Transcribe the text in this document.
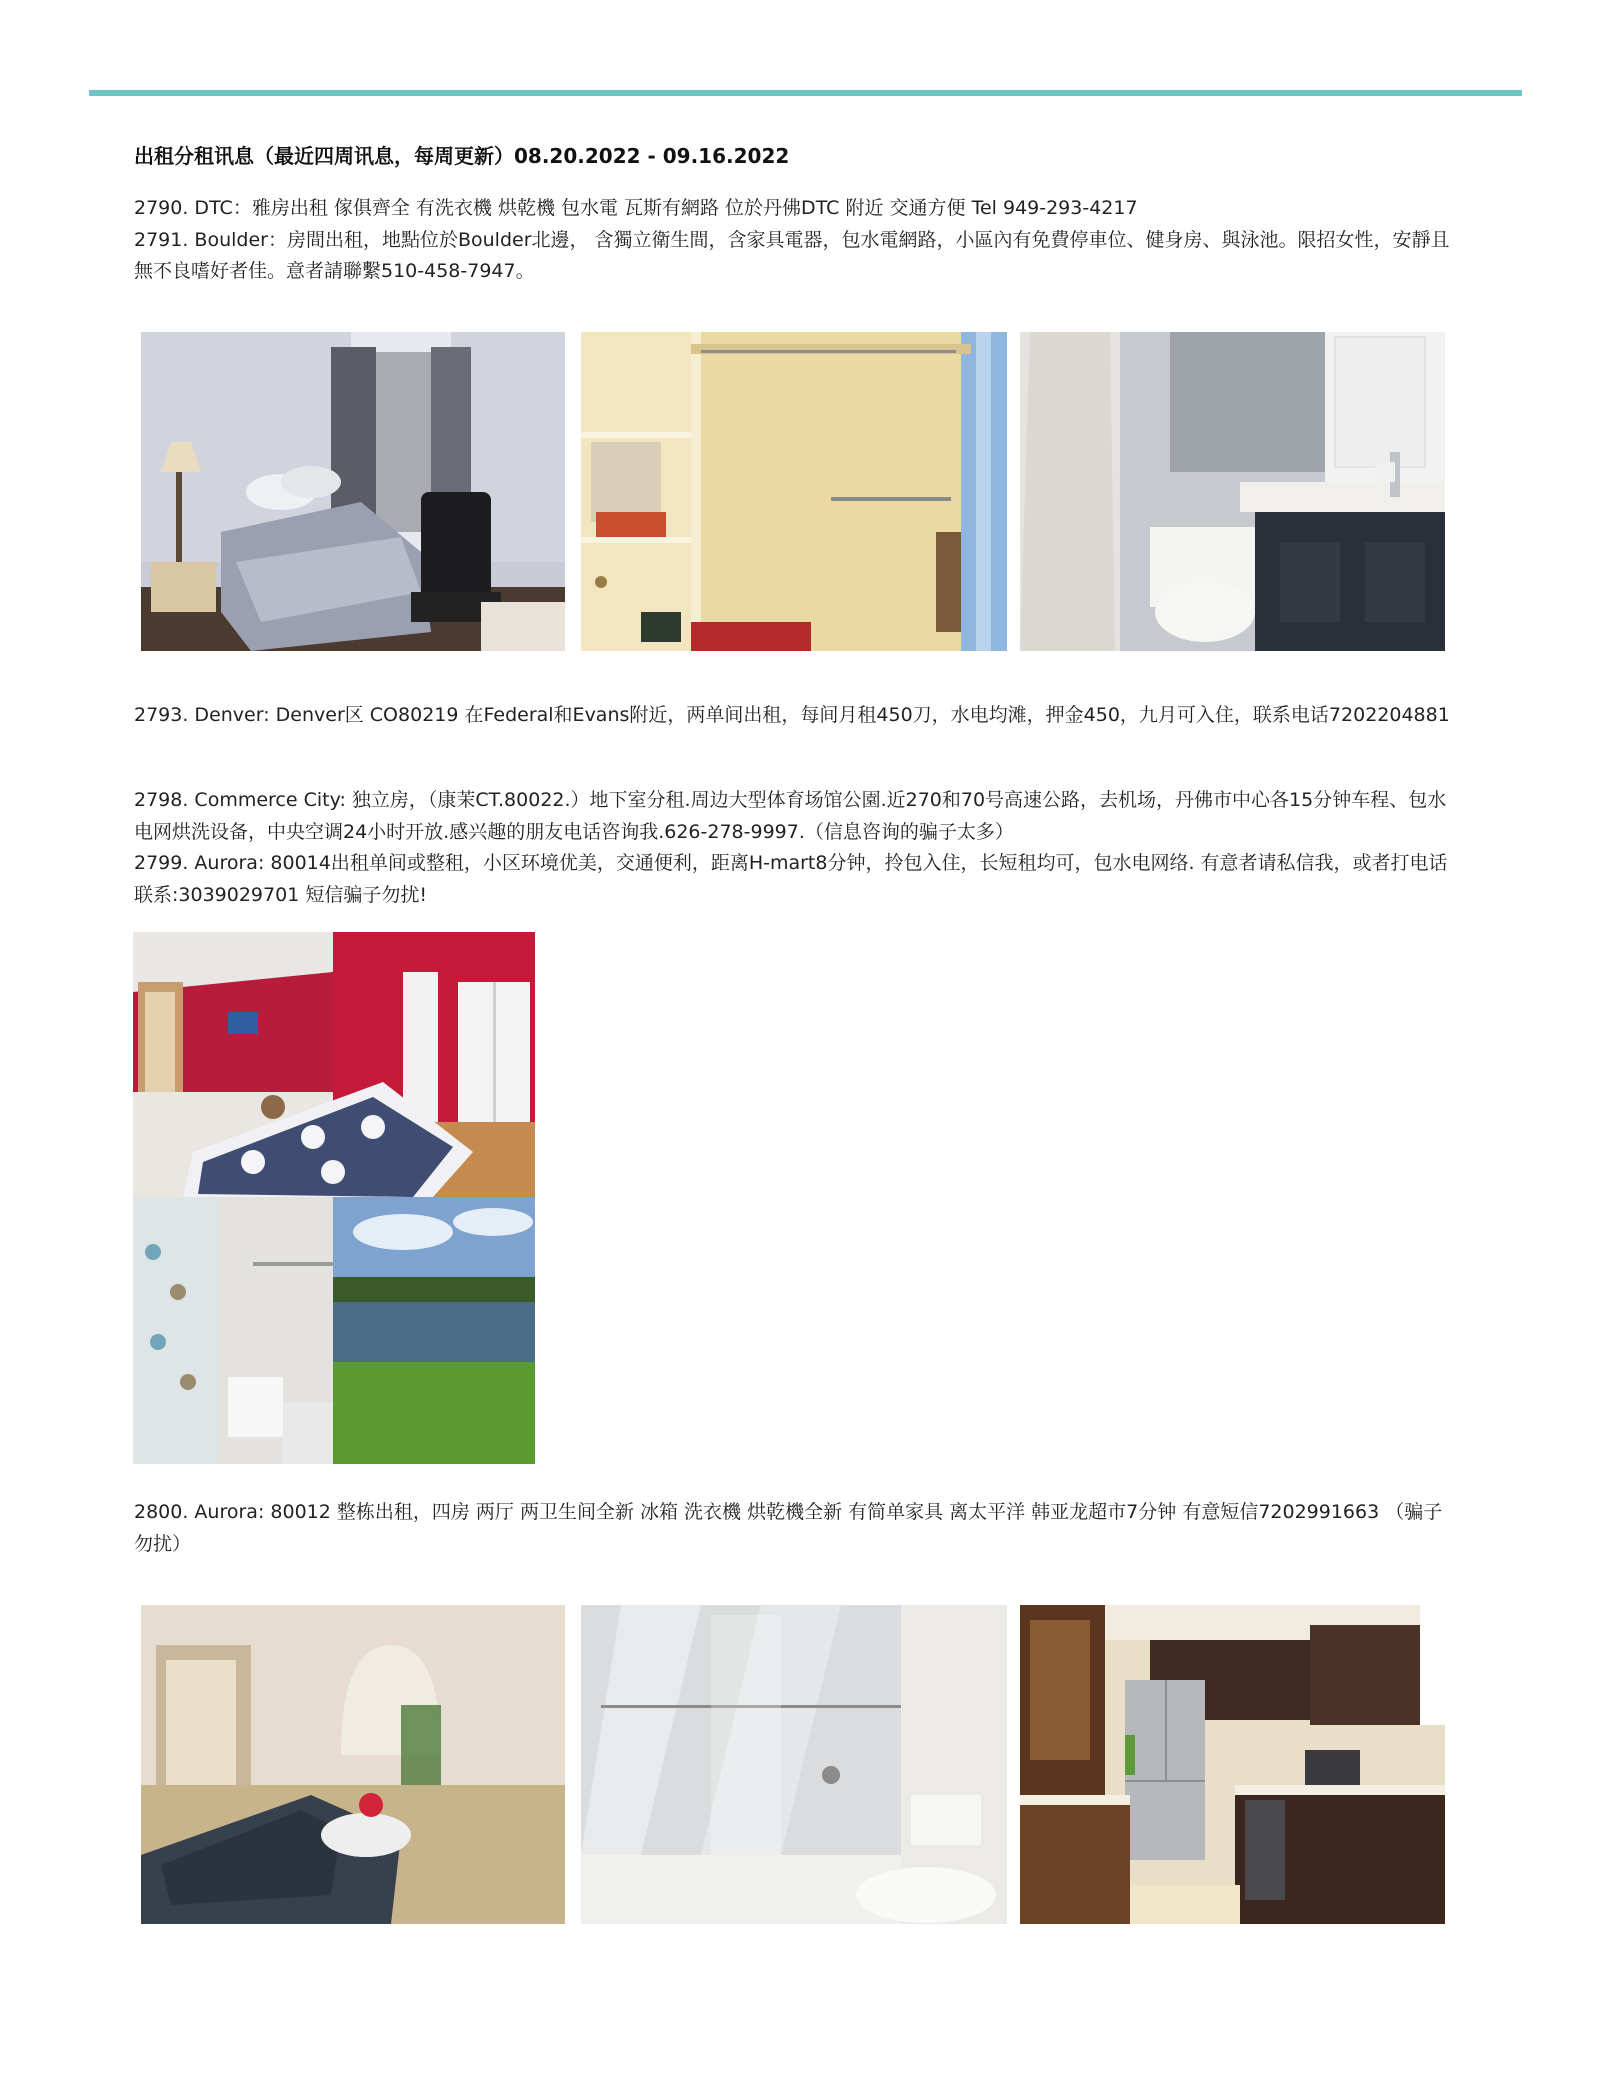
出租分租讯息（最近四周讯息，每周更新）08.20.2022 - 09.16.2022

2790. DTC：雅房出租 傢俱齊全 有洗衣機 烘乾機 包水電 瓦斯有網路 位於丹佛DTC 附近 交通方便 Tel 949-293-4217

2791. Boulder：房間出租，地點位於Boulder北邊， 含獨立衛生間，含家具電器，包水電網路，小區內有免費停車位、健身房、與泳池。限招女性，安靜且無不良嗜好者佳。意者請聯繫510-458-7947。

2793. Denver: Denver区 CO80219 在Federal和Evans附近，两单间出租，每间月租450刀，水电均滩，押金450，九月可入住，联系电话7202204881

2798. Commerce City: 独立房，（康茉CT.80022.）地下室分租.周边大型体育场馆公園.近270和70号高速公路，去机场，丹佛市中心各15分钟车程、包水电网烘洗设备，中央空调24小时开放.感兴趣的朋友电话咨询我.626-278-9997.（信息咨询的骗子太多）

2799. Aurora: 80014出租单间或整租，小区环境优美，交通便利，距离H-mart8分钟，拎包入住，长短租均可，包水电网络. 有意者请私信我，或者打电话联系:3039029701 短信骗子勿扰!

2800. Aurora: 80012 整栋出租，四房 两厅 两卫生间全新 冰箱 洗衣機 烘乾機全新 有简单家具 离太平洋 韩亚龙超市7分钟 有意短信7202991663 （骗子勿扰）
